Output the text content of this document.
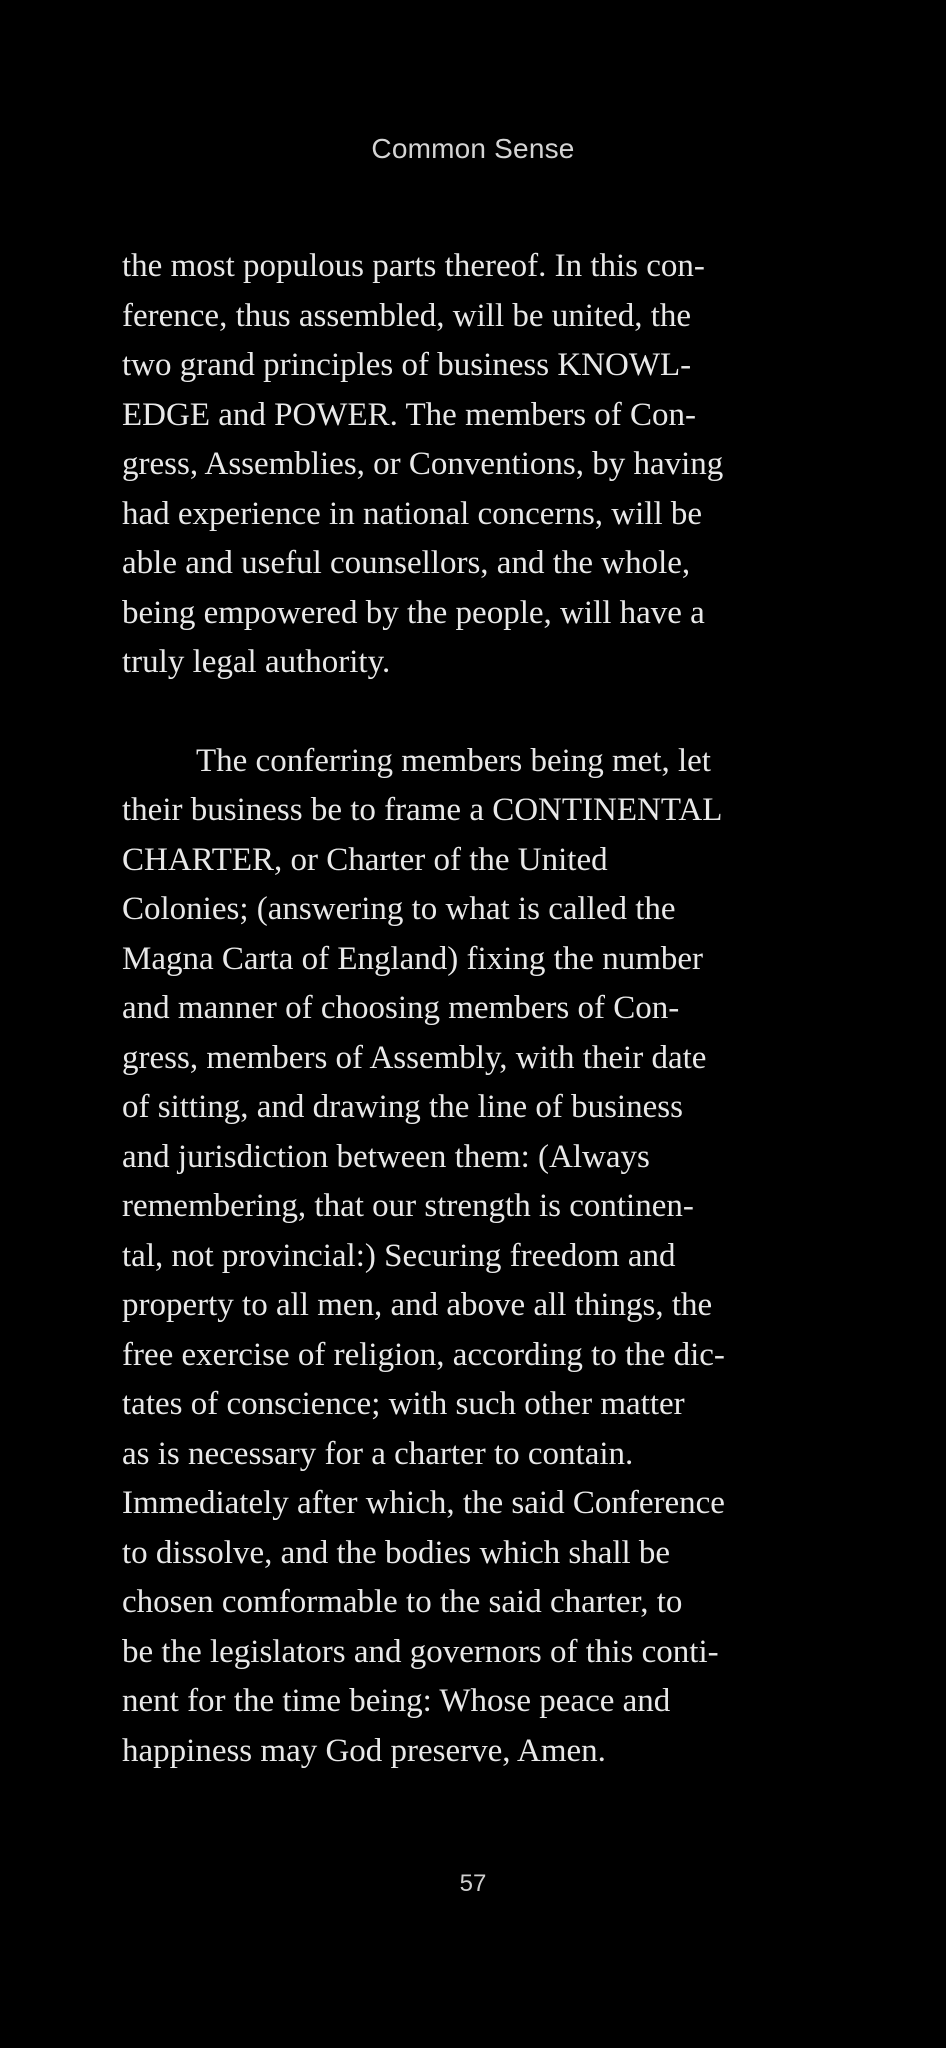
Common Sense
the most populous parts thereof. In this con-
ference, thus assembled, will be united, the
two grand principles of business KNOWL-
EDGE and POWER. The members of Con-
gress, Assemblies, or Conventions, by having
had experience in national concerns, will be
able and useful counsellors, and the whole,
being empowered by the people, will have a
truly legal authority.
The conferring members being met, let
their business be to frame a CONTINENTAL
CHARTER, or Charter of the United
Colonies; (answering to what is called the
Magna Carta of England) fixing the number
and manner of choosing members of Con-
gress, members of Assembly, with their date
of sitting, and drawing the line of business
and jurisdiction between them: (Always
remembering, that our strength is continen-
tal, not provincial:) Securing freedom and
property to all men, and above all things, the
free exercise of religion, according to the dic-
tates of conscience; with such other matter
as is necessary for a charter to contain.
Immediately after which, the said Conference
to dissolve, and the bodies which shall be
chosen comformable to the said charter, to
be the legislators and governors of this conti-
nent for the time being: Whose peace and
happiness may God preserve, Amen.
57
